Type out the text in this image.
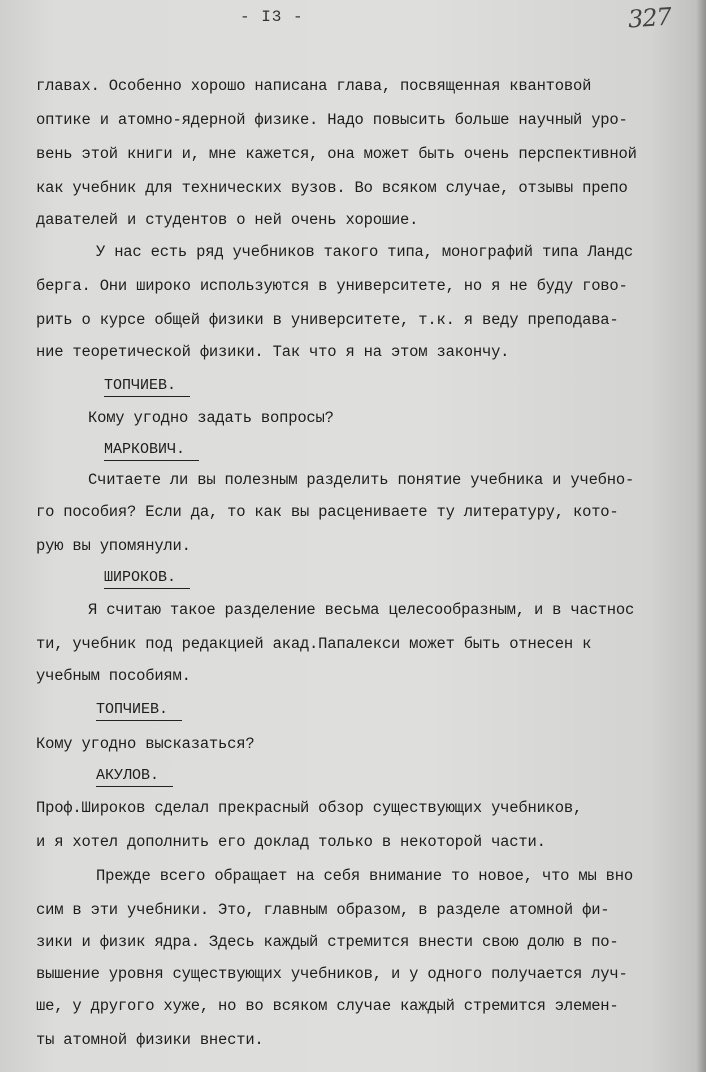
- I3 -	327
главах. Особенно хорошо написана глава, посвященная квантовой
оптике и атомно-ядерной физике. Надо повысить больше научный уро-
вень этой книги и, мне кажется, она может быть очень перспективной
как учебник для технических вузов. Во всяком случае, отзывы препо
давателей и студентов о ней очень хорошие.
У нас есть ряд учебников такого типа, монографий типа Ландс
берга. Они широко используются в университете, но я не буду гово-
рить о курсе общей физики в университете, т.к. я веду преподава-
ние теоретической физики. Так что я на этом закончу.
ТОПЧИЕВ.
Кому угодно задать вопросы?
МАРКОВИЧ.
Считаете ли вы полезным разделить понятие учебника и учебно-
го пособия? Если да, то как вы расцениваете ту литературу, кото-
рую вы упомянули.
ШИРОКОВ.
Я считаю такое разделение весьма целесообразным, и в частнос
ти, учебник под редакцией акад.Папалекси может быть отнесен к
учебным пособиям.
ТОПЧИЕВ.
Кому угодно высказаться?
АКУЛОВ.
Проф.Широков сделал прекрасный обзор существующих учебников,
и я хотел дополнить его доклад только в некоторой части.
Прежде всего обращает на себя внимание то новое, что мы вно
сим в эти учебники. Это, главным образом, в разделе атомной фи-
зики и физик ядра. Здесь каждый стремится внести свою долю в по-
вышение уровня существующих учебников, и у одного получается луч-
ше, у другого хуже, но во всяком случае каждый стремится элемен-
ты атомной физики внести.
